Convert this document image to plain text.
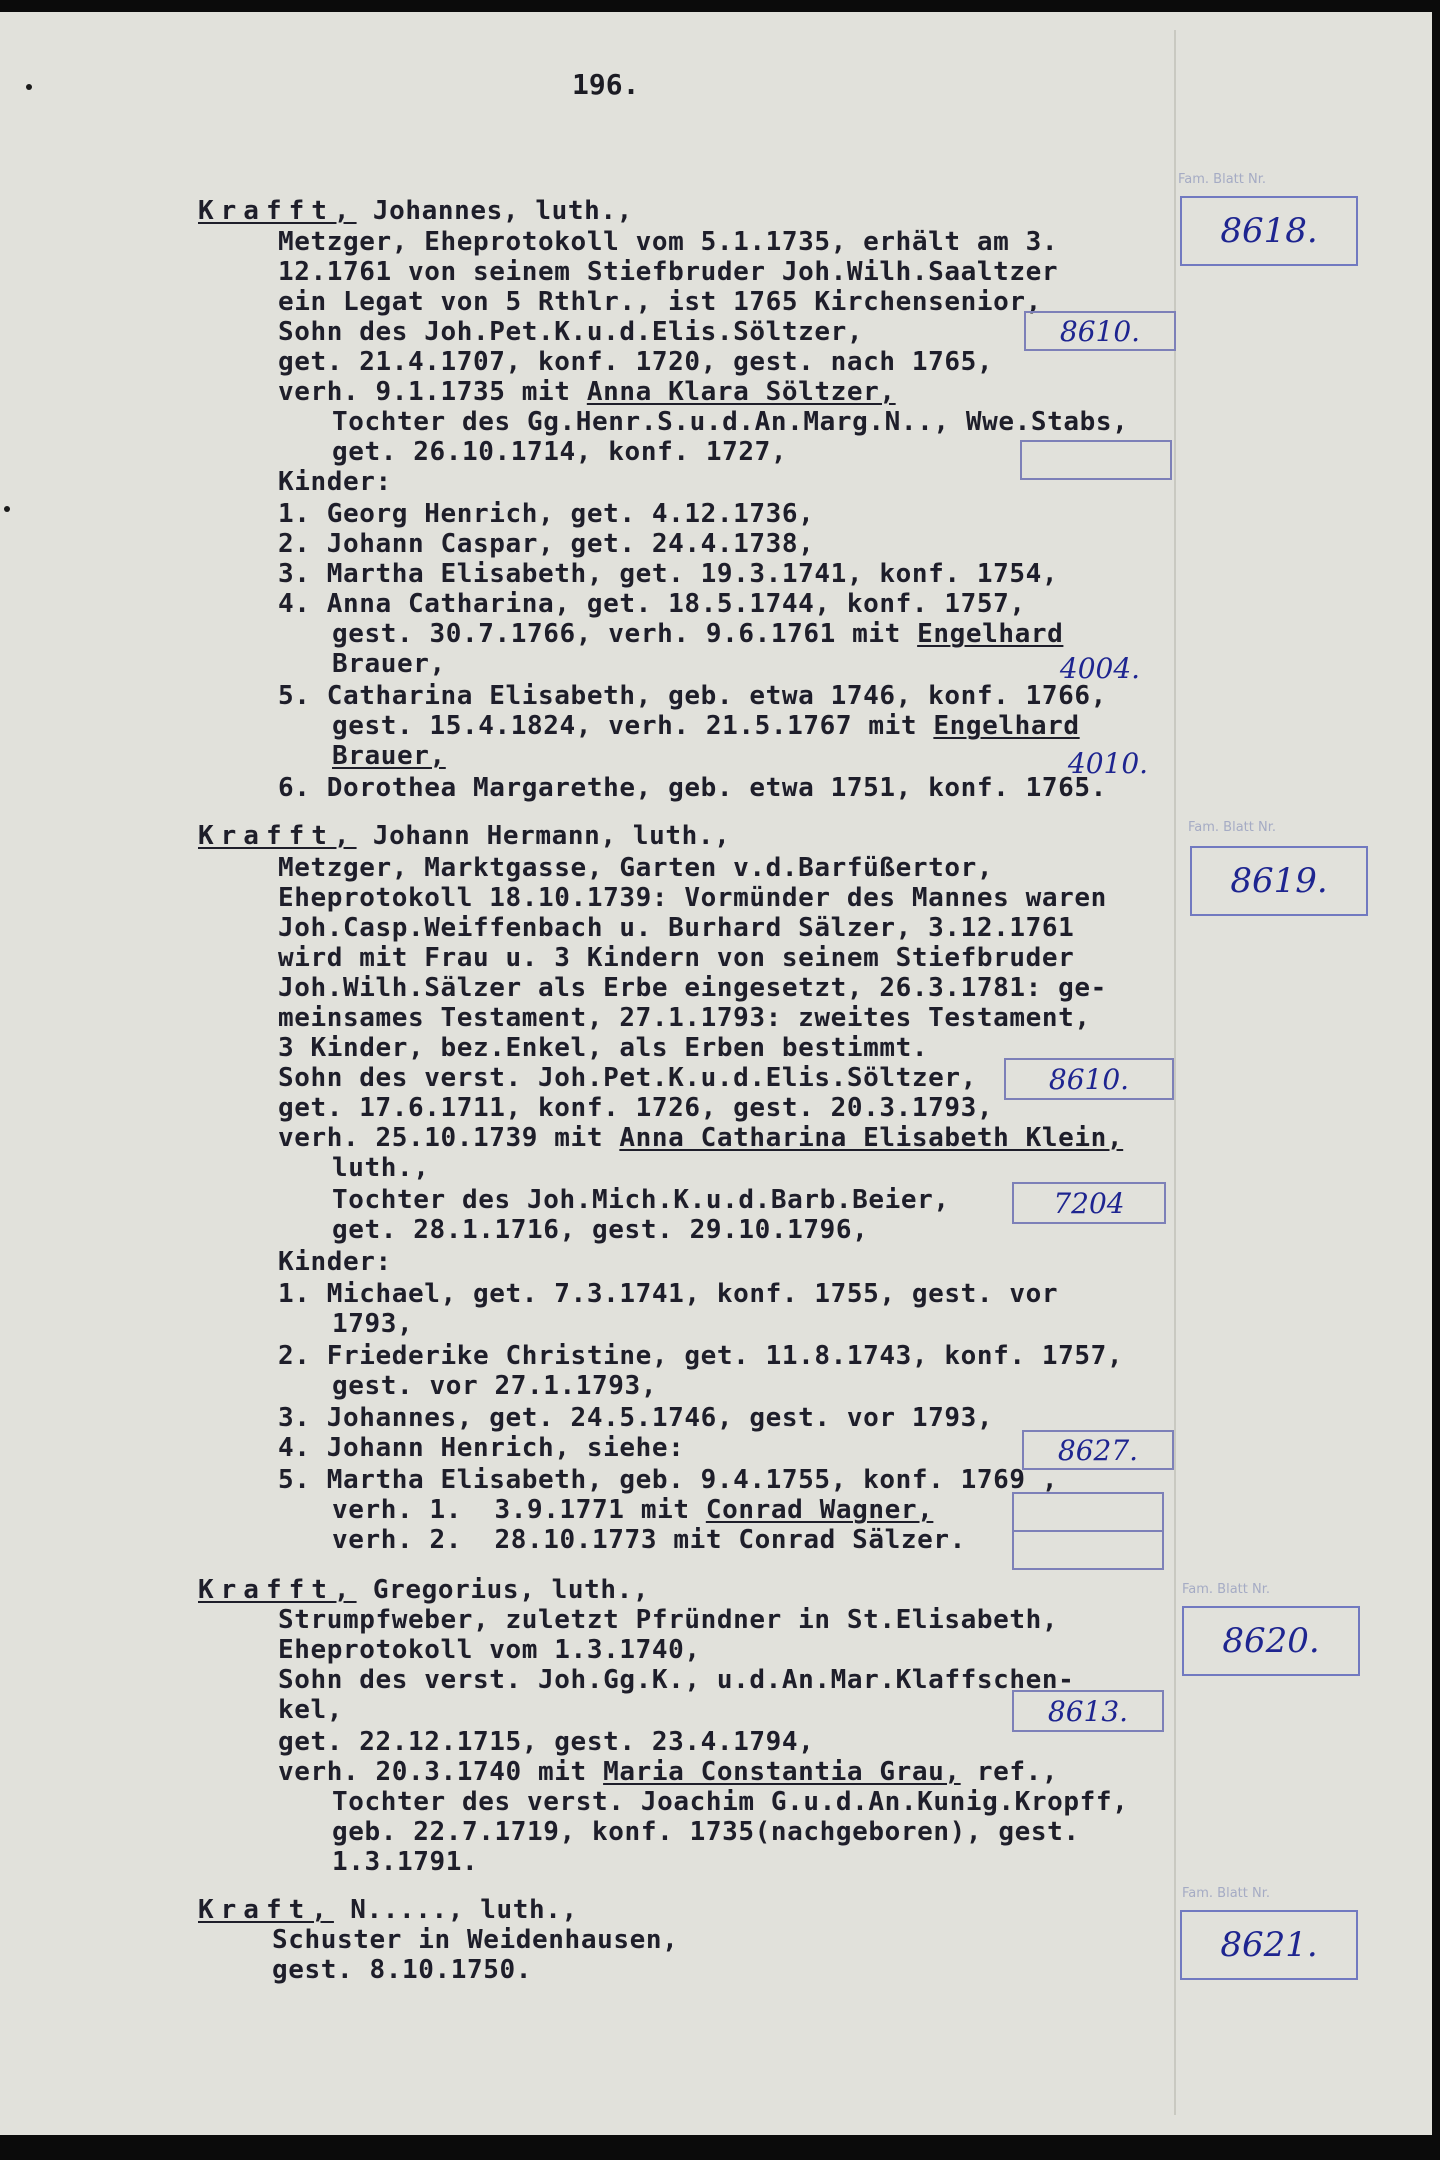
196.
Fam. Blatt Nr.
8618.
Krafft, Johannes, luth.,
Metzger, Eheprotokoll vom 5.1.1735, erhält am 3.
12.1761 von seinem Stiefbruder Joh.Wilh.Saaltzer
ein Legat von 5 Rthlr., ist 1765 Kirchensenior,
Sohn des Joh.Pet.K.u.d.Elis.Söltzer,	8610.
get. 21.4.1707, konf. 1720, gest. nach 1765,
verh. 9.1.1735 mit Anna Klara Söltzer,
Tochter des Gg.Henr.S.u.d.An.Marg.N.., Wwe.Stabs,
get. 26.10.1714, konf. 1727,
Kinder:
1. Georg Henrich, get. 4.12.1736,
2. Johann Caspar, get. 24.4.1738,
3. Martha Elisabeth, get. 19.3.1741, konf. 1754,
4. Anna Catharina, get. 18.5.1744, konf. 1757,
gest. 30.7.1766, verh. 9.6.1761 mit Engelhard
Brauer,	4004.
5. Catharina Elisabeth, geb. etwa 1746, konf. 1766,
gest. 15.4.1824, verh. 21.5.1767 mit Engelhard
Brauer,	4010.
6. Dorothea Margarethe, geb. etwa 1751, konf. 1765.
Fam. Blatt Nr.
8619.
Krafft, Johann Hermann, luth.,
Metzger, Marktgasse, Garten v.d.Barfüßertor,
Eheprotokoll 18.10.1739: Vormünder des Mannes waren
Joh.Casp.Weiffenbach u. Burhard Sälzer, 3.12.1761
wird mit Frau u. 3 Kindern von seinem Stiefbruder
Joh.Wilh.Sälzer als Erbe eingesetzt, 26.3.1781: ge-
meinsames Testament, 27.1.1793: zweites Testament,
3 Kinder, bez.Enkel, als Erben bestimmt.
Sohn des verst. Joh.Pet.K.u.d.Elis.Söltzer,	8610.
get. 17.6.1711, konf. 1726, gest. 20.3.1793,
verh. 25.10.1739 mit Anna Catharina Elisabeth Klein,
luth.,
Tochter des Joh.Mich.K.u.d.Barb.Beier,	7204
get. 28.1.1716, gest. 29.10.1796,
Kinder:
1. Michael, get. 7.3.1741, konf. 1755, gest. vor
1793,
2. Friederike Christine, get. 11.8.1743, konf. 1757,
gest. vor 27.1.1793,
3. Johannes, get. 24.5.1746, gest. vor 1793,
4. Johann Henrich, siehe:	8627.
5. Martha Elisabeth, geb. 9.4.1755, konf. 1769 ,
verh. 1.  3.9.1771 mit Conrad Wagner,
verh. 2.  28.10.1773 mit Conrad Sälzer.
Fam. Blatt Nr.
8620.
Krafft, Gregorius, luth.,
Strumpfweber, zuletzt Pfründner in St.Elisabeth,
Eheprotokoll vom 1.3.1740,
Sohn des verst. Joh.Gg.K., u.d.An.Mar.Klaffschen-
kel,	8613.
get. 22.12.1715, gest. 23.4.1794,
verh. 20.3.1740 mit Maria Constantia Grau, ref.,
Tochter des verst. Joachim G.u.d.An.Kunig.Kropff,
geb. 22.7.1719, konf. 1735(nachgeboren), gest.
1.3.1791.
Fam. Blatt Nr.
8621.
Kraft, N....., luth.,
Schuster in Weidenhausen,
gest. 8.10.1750.
